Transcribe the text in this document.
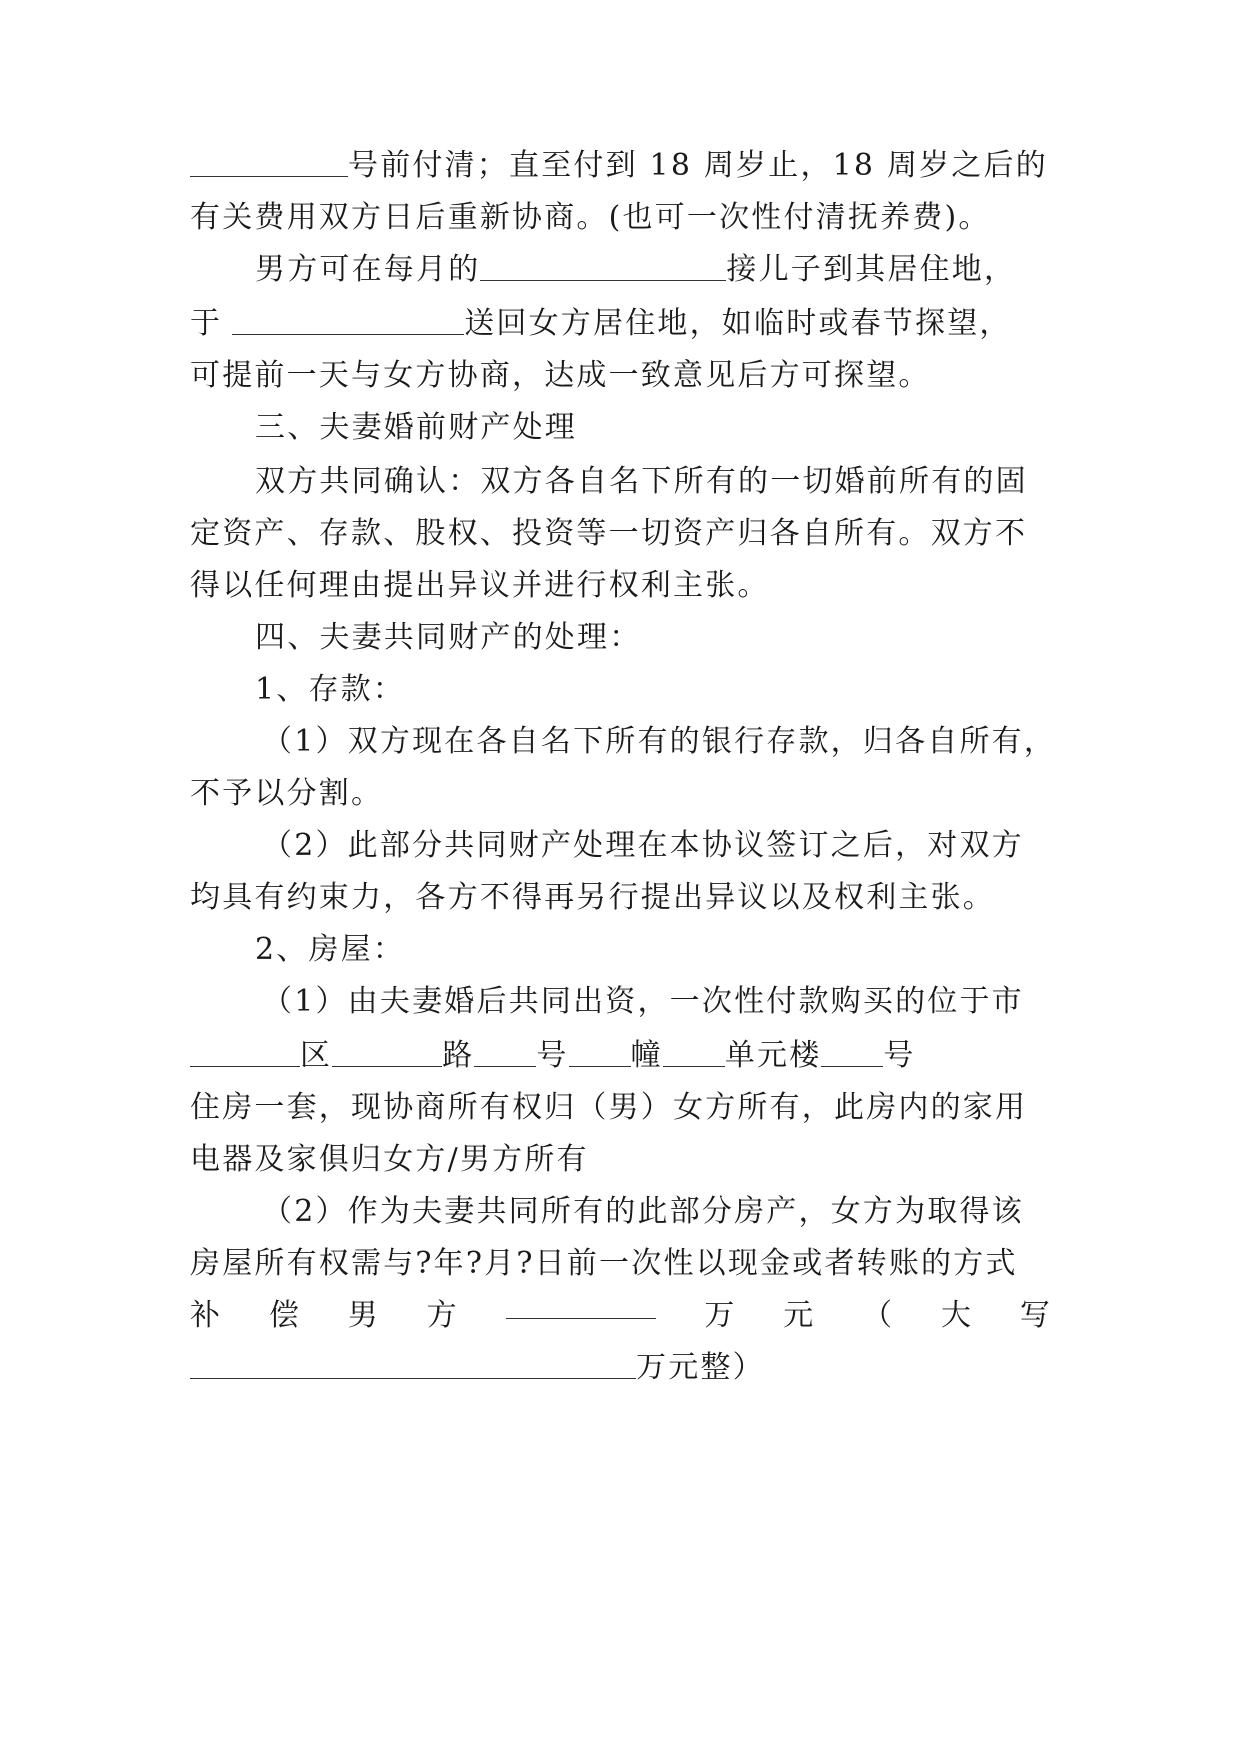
号前付清；直至付到 18 周岁止，18 周岁之后的
有关费用双方日后重新协商。(也可一次性付清抚养费)。
男方可在每月的	接儿子到其居住地，
于	送回女方居住地，如临时或春节探望，
可提前一天与女方协商，达成一致意见后方可探望。
三、夫妻婚前财产处理
双方共同确认：双方各自名下所有的一切婚前所有的固
定资产、存款、股权、投资等一切资产归各自所有。双方不
得以任何理由提出异议并进行权利主张。
四、夫妻共同财产的处理：
1、存款：
（1）双方现在各自名下所有的银行存款，归各自所有，
不予以分割。
（2）此部分共同财产处理在本协议签订之后，对双方
均具有约束力，各方不得再另行提出异议以及权利主张。
2、房屋：
（1）由夫妻婚后共同出资，一次性付款购买的位于市
区	路 号 幢 单元楼 号
住房一套，现协商所有权归（男）女方所有，此房内的家用
电器及家俱归女方/男方所有
（2）作为夫妻共同所有的此部分房产，女方为取得该
房屋所有权需与?年?月?日前一次性以现金或者转账的方式
补 偿 男 方	万 元 （ 大 写
万元整）
